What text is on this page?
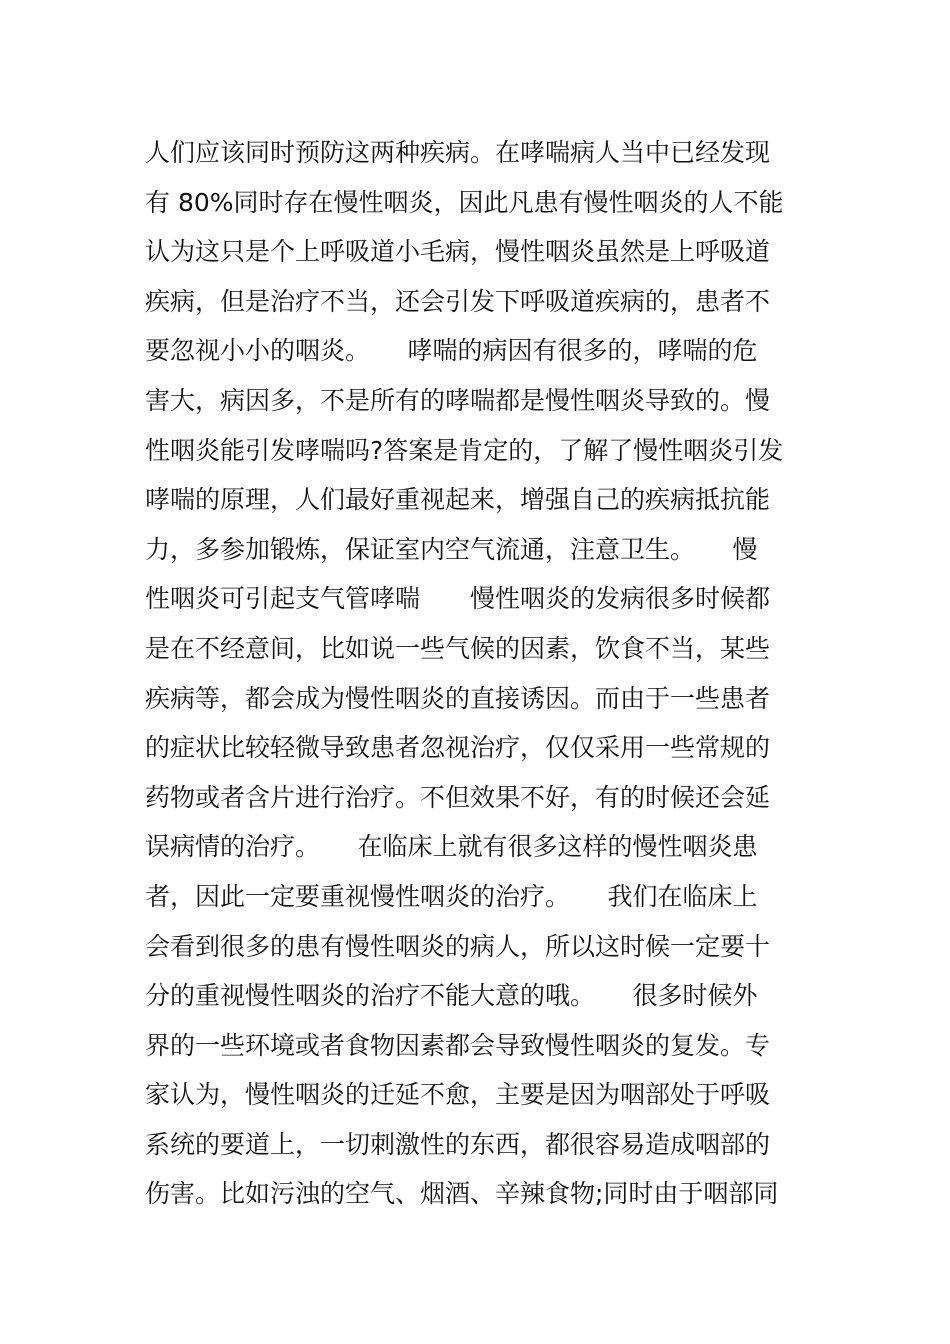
人们应该同时预防这两种疾病。在哮喘病人当中已经发现
有 80%同时存在慢性咽炎，因此凡患有慢性咽炎的人不能
认为这只是个上呼吸道小毛病，慢性咽炎虽然是上呼吸道
疾病，但是治疗不当，还会引发下呼吸道疾病的，患者不
要忽视小小的咽炎。　　哮喘的病因有很多的，哮喘的危
害大，病因多，不是所有的哮喘都是慢性咽炎导致的。慢
性咽炎能引发哮喘吗?答案是肯定的，了解了慢性咽炎引发
哮喘的原理，人们最好重视起来，增强自己的疾病抵抗能
力，多参加锻炼，保证室内空气流通，注意卫生。　　慢
性咽炎可引起支气管哮喘　　慢性咽炎的发病很多时候都
是在不经意间，比如说一些气候的因素，饮食不当，某些
疾病等，都会成为慢性咽炎的直接诱因。而由于一些患者
的症状比较轻微导致患者忽视治疗，仅仅采用一些常规的
药物或者含片进行治疗。不但效果不好，有的时候还会延
误病情的治疗。　　在临床上就有很多这样的慢性咽炎患
者，因此一定要重视慢性咽炎的治疗。　　我们在临床上
会看到很多的患有慢性咽炎的病人，所以这时候一定要十
分的重视慢性咽炎的治疗不能大意的哦。　　很多时候外
界的一些环境或者食物因素都会导致慢性咽炎的复发。专
家认为，慢性咽炎的迁延不愈，主要是因为咽部处于呼吸
系统的要道上，一切刺激性的东西，都很容易造成咽部的
伤害。比如污浊的空气、烟酒、辛辣食物;同时由于咽部同
